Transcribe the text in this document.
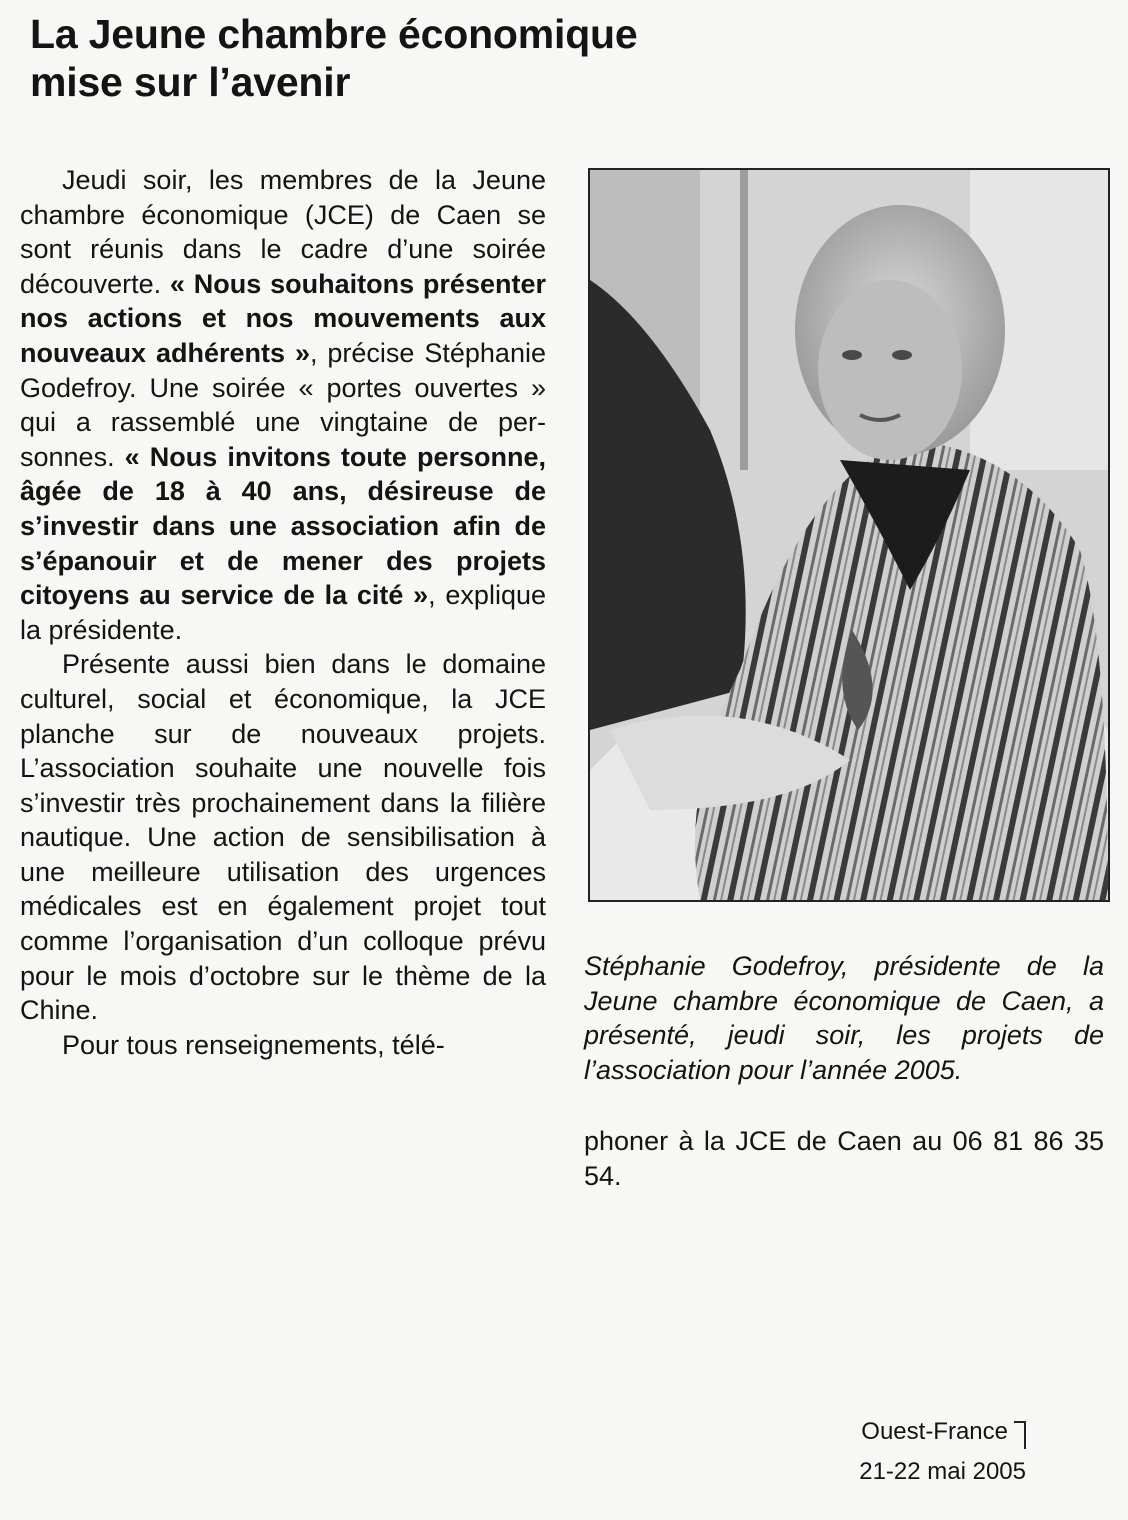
La Jeune chambre économique
mise sur l’avenir

Jeudi soir, les membres de la Jeune chambre économique (JCE) de Caen se sont réunis dans le cadre d’une soirée découverte. « Nous souhaitons présenter nos actions et nos mouvements aux nouveaux adhérents », précise Stéphanie Godefroy. Une soirée « portes ouvertes » qui a rassemblé une vingtaine de personnes. « Nous invitons toute personne, âgée de 18 à 40 ans, désireuse de s’investir dans une association afin de s’épanouir et de mener des projets citoyens au service de la cité », explique la présidente.

Présente aussi bien dans le domaine culturel, social et économique, la JCE planche sur de nouveaux projets. L’association souhaite une nouvelle fois s’investir très prochainement dans la filière nautique. Une action de sensibilisation à une meilleure utilisation des urgences médicales est en également projet tout comme l’organisation d’un colloque prévu pour le mois d’octobre sur le thème de la Chine.

Pour tous renseignements, télé-

Stéphanie Godefroy, présidente de la Jeune chambre économique de Caen, a présenté, jeudi soir, les projets de l’association pour l’année 2005.

phoner à la JCE de Caen au 06 81 86 35 54.

Ouest-France
21-22 mai 2005
